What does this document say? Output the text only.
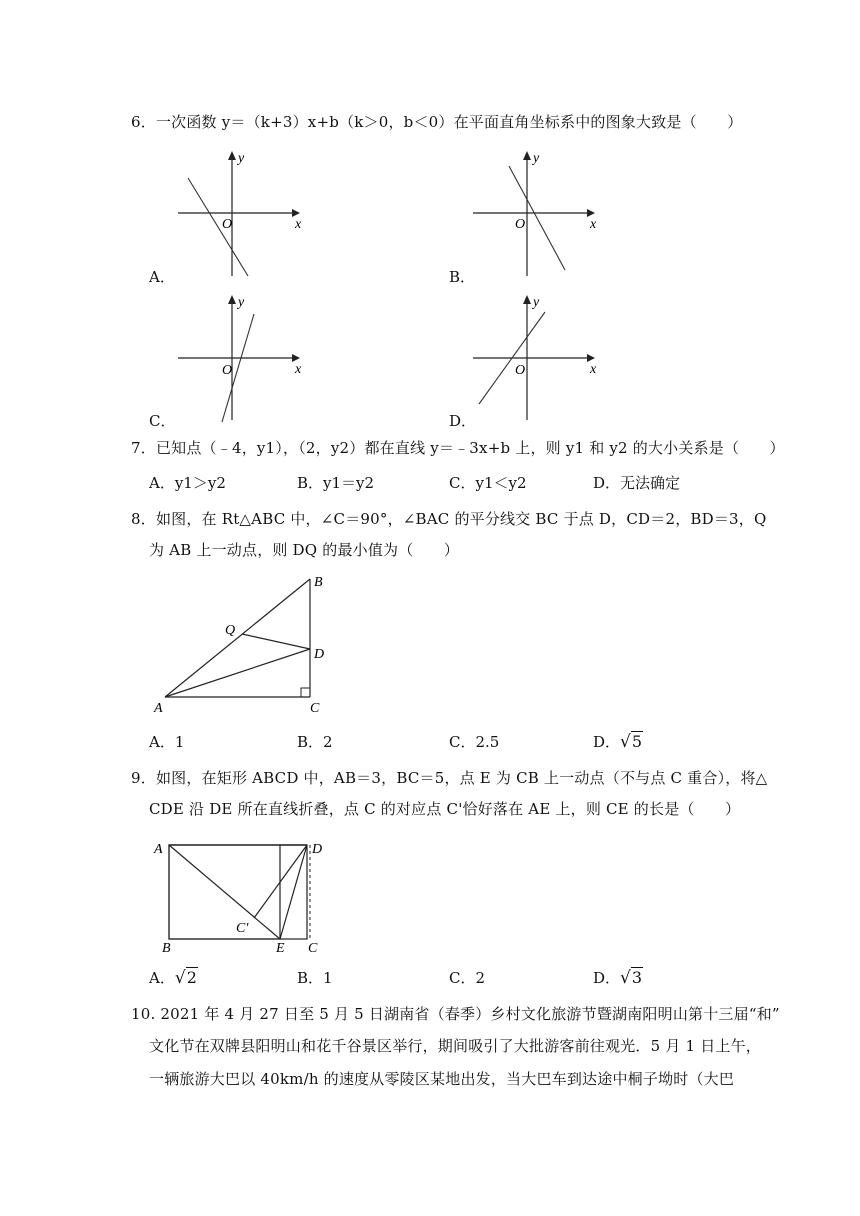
6．一次函数 y＝（k+3）x+b（k＞0，b＜0）在平面直角坐标系中的图象大致是（　　）
y
x
O
A．
y
x
O
B．
y
x
O
C．
y
x
O
D．
7．已知点（﹣4，y1），（2，y2）都在直线 y＝﹣3x+b 上，则 y1 和 y2 的大小关系是（　　）
A．y1＞y2	B．y1＝y2	C．y1＜y2	D．无法确定
8．如图，在 Rt△ABC 中，∠C＝90°，∠BAC 的平分线交 BC 于点 D，CD＝2，BD＝3，Q
为 AB 上一动点，则 DQ 的最小值为（　　）
A
B
C
D
Q
A．1	B．2	C．2.5	D．√5
9．如图，在矩形 ABCD 中，AB＝3，BC＝5，点 E 为 CB 上一动点（不与点 C 重合），将△
CDE 沿 DE 所在直线折叠，点 C 的对应点 C'恰好落在 AE 上，则 CE 的长是（　　）
A	D
B	E C
C′
A．√2	B．1	C．2	D．√3
10. 2021 年 4 月 27 日至 5 月 5 日湖南省（春季）乡村文化旅游节暨湖南阳明山第十三届“和”
文化节在双牌县阳明山和花千谷景区举行，期间吸引了大批游客前往观光．5 月 1 日上午，
一辆旅游大巴以 40km/h 的速度从零陵区某地出发，当大巴车到达途中桐子坳时（大巴
